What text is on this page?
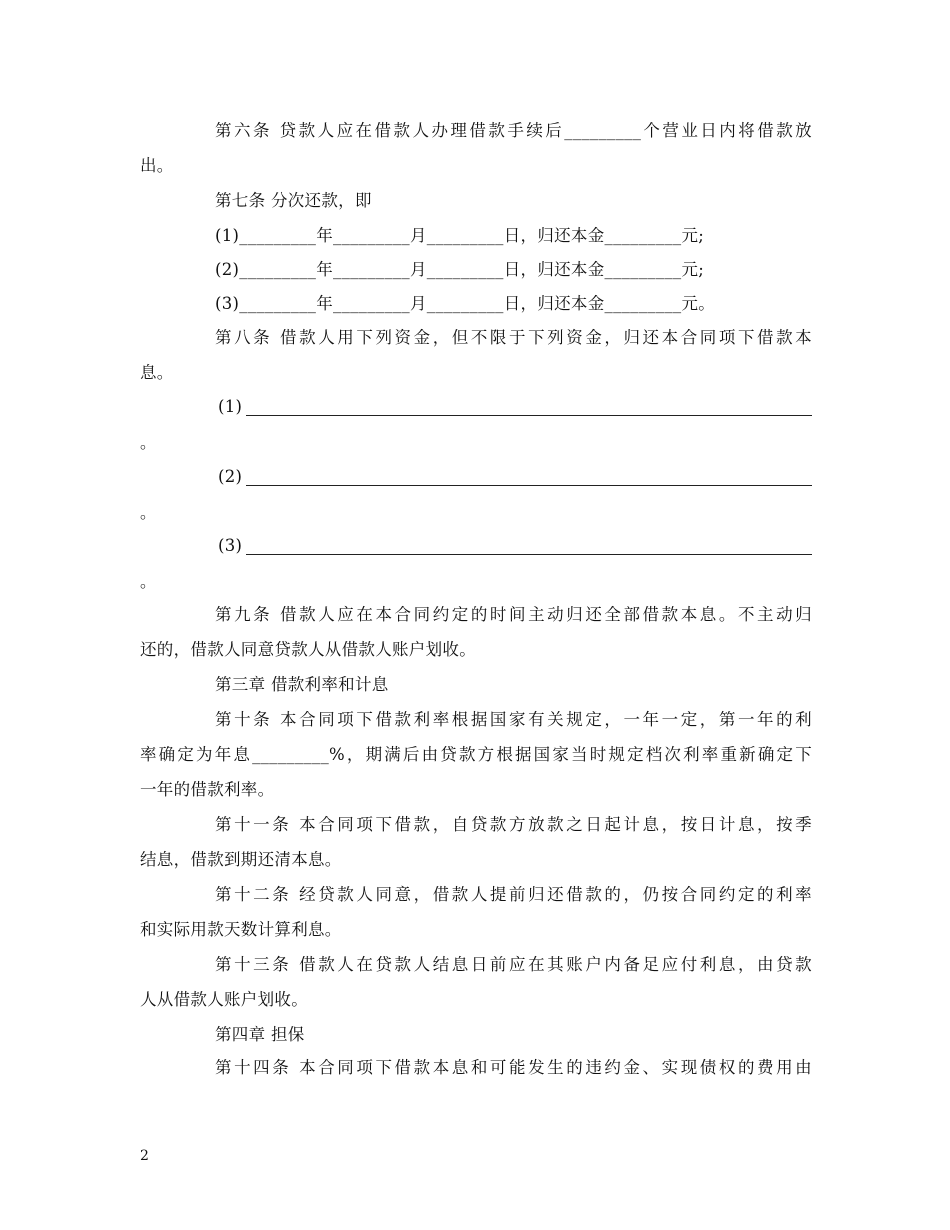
第六条 贷款人应在借款人办理借款手续后_________个营业日内将借款放
出。
第七条 分次还款，即
(1)_________年_________月_________日，归还本金_________元;
(2)_________年_________月_________日，归还本金_________元;
(3)_________年_________月_________日，归还本金_________元。
第八条 借款人用下列资金，但不限于下列资金，归还本合同项下借款本
息。
(1)
。
(2)
。
(3)
。
第九条 借款人应在本合同约定的时间主动归还全部借款本息。不主动归
还的，借款人同意贷款人从借款人账户划收。
第三章 借款利率和计息
第十条 本合同项下借款利率根据国家有关规定，一年一定，第一年的利
率确定为年息_________%，期满后由贷款方根据国家当时规定档次利率重新确定下
一年的借款利率。
第十一条 本合同项下借款，自贷款方放款之日起计息，按日计息，按季
结息，借款到期还清本息。
第十二条 经贷款人同意，借款人提前归还借款的，仍按合同约定的利率
和实际用款天数计算利息。
第十三条 借款人在贷款人结息日前应在其账户内备足应付利息，由贷款
人从借款人账户划收。
第四章 担保
第十四条 本合同项下借款本息和可能发生的违约金、实现债权的费用由
2
